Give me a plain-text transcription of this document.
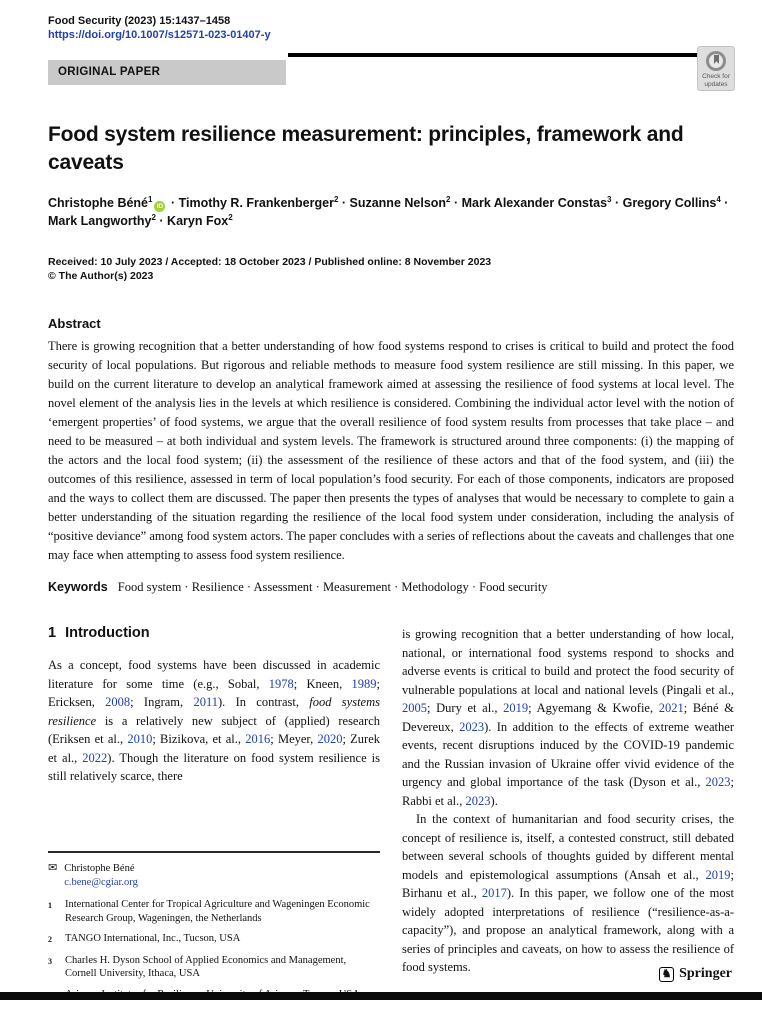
Food Security (2023) 15:1437–1458
https://doi.org/10.1007/s12571-023-01407-y
ORIGINAL PAPER	Check for
updates
Food system resilience measurement: principles, framework and caveats
Christophe Béné$^1$iD · Timothy R. Frankenberger$^2$ · Suzanne Nelson$^2$ · Mark Alexander Constas$^3$ · Gregory Collins$^4$ · Mark Langworthy$^2$ · Karyn Fox$^2$
Received: 10 July 2023 / Accepted: 18 October 2023 / Published online: 8 November 2023
© The Author(s) 2023
Abstract

There is growing recognition that a better understanding of how food systems respond to crises is critical to build and protect the food security of local populations. But rigorous and reliable methods to measure food system resilience are still missing. In this paper, we build on the current literature to develop an analytical framework aimed at assessing the resilience of food systems at local level. The novel element of the analysis lies in the levels at which resilience is considered. Combining the individual actor level with the notion of ‘emergent properties’ of food systems, we argue that the overall resilience of food system results from processes that take place – and need to be measured – at both individual and system levels. The framework is structured around three components: (i) the mapping of the actors and the local food system; (ii) the assessment of the resilience of these actors and that of the food system, and (iii) the outcomes of this resilience, assessed in term of local population’s food security. For each of those components, indicators are proposed and the ways to collect them are discussed. The paper then presents the types of analyses that would be necessary to complete to gain a better understanding of the situation regarding the resilience of the local food system under consideration, including the analysis of “positive deviance” among food system actors. The paper concludes with a series of reflections about the caveats and challenges that one may face when attempting to assess food system resilience.

Keywords Food system · Resilience · Assessment · Measurement · Methodology · Food security
1 Introduction

As a concept, food systems have been discussed in academic literature for some time (e.g., Sobal, 1978; Kneen, 1989; Ericksen, 2008; Ingram, 2011). In contrast, food systems resilience is a relatively new subject of (applied) research (Eriksen et al., 2010; Bizikova, et al., 2016; Meyer, 2020; Zurek et al., 2022). Though the literature on food system resilience is still relatively scarce, there

✉ Christophe Béné
c.bene@cgiar.org
1	International Center for Tropical Agriculture and Wageningen Economic Research Group, Wageningen, the Netherlands
2	TANGO International, Inc., Tucson, USA
3	Charles H. Dyson School of Applied Economics and Management, Cornell University, Ithaca, USA

is growing recognition that a better understanding of how local, national, or international food systems respond to shocks and adverse events is critical to build and protect the food security of vulnerable populations at local and national levels (Pingali et al., 2005; Dury et al., 2019; Agyemang & Kwofie, 2021; Béné & Devereux, 2023). In addition to the effects of extreme weather events, recent disruptions induced by the COVID-19 pandemic and the Russian invasion of Ukraine offer vivid evidence of the urgency and global importance of the task (Dyson et al., 2023; Rabbi et al., 2023).

In the context of humanitarian and food security crises, the concept of resilience is, itself, a contested construct, still debated between several schools of thoughts guided by different mental models and epistemological assumptions (Ansah et al., 2019; Birhanu et al., 2017). In this paper, we follow one of the most widely adopted interpretations of resilience (“resilience-as-a-capacity”), and propose an analytical framework, along with a series of principles and caveats, on how to assess the resilience of food systems.	♞ Springer
